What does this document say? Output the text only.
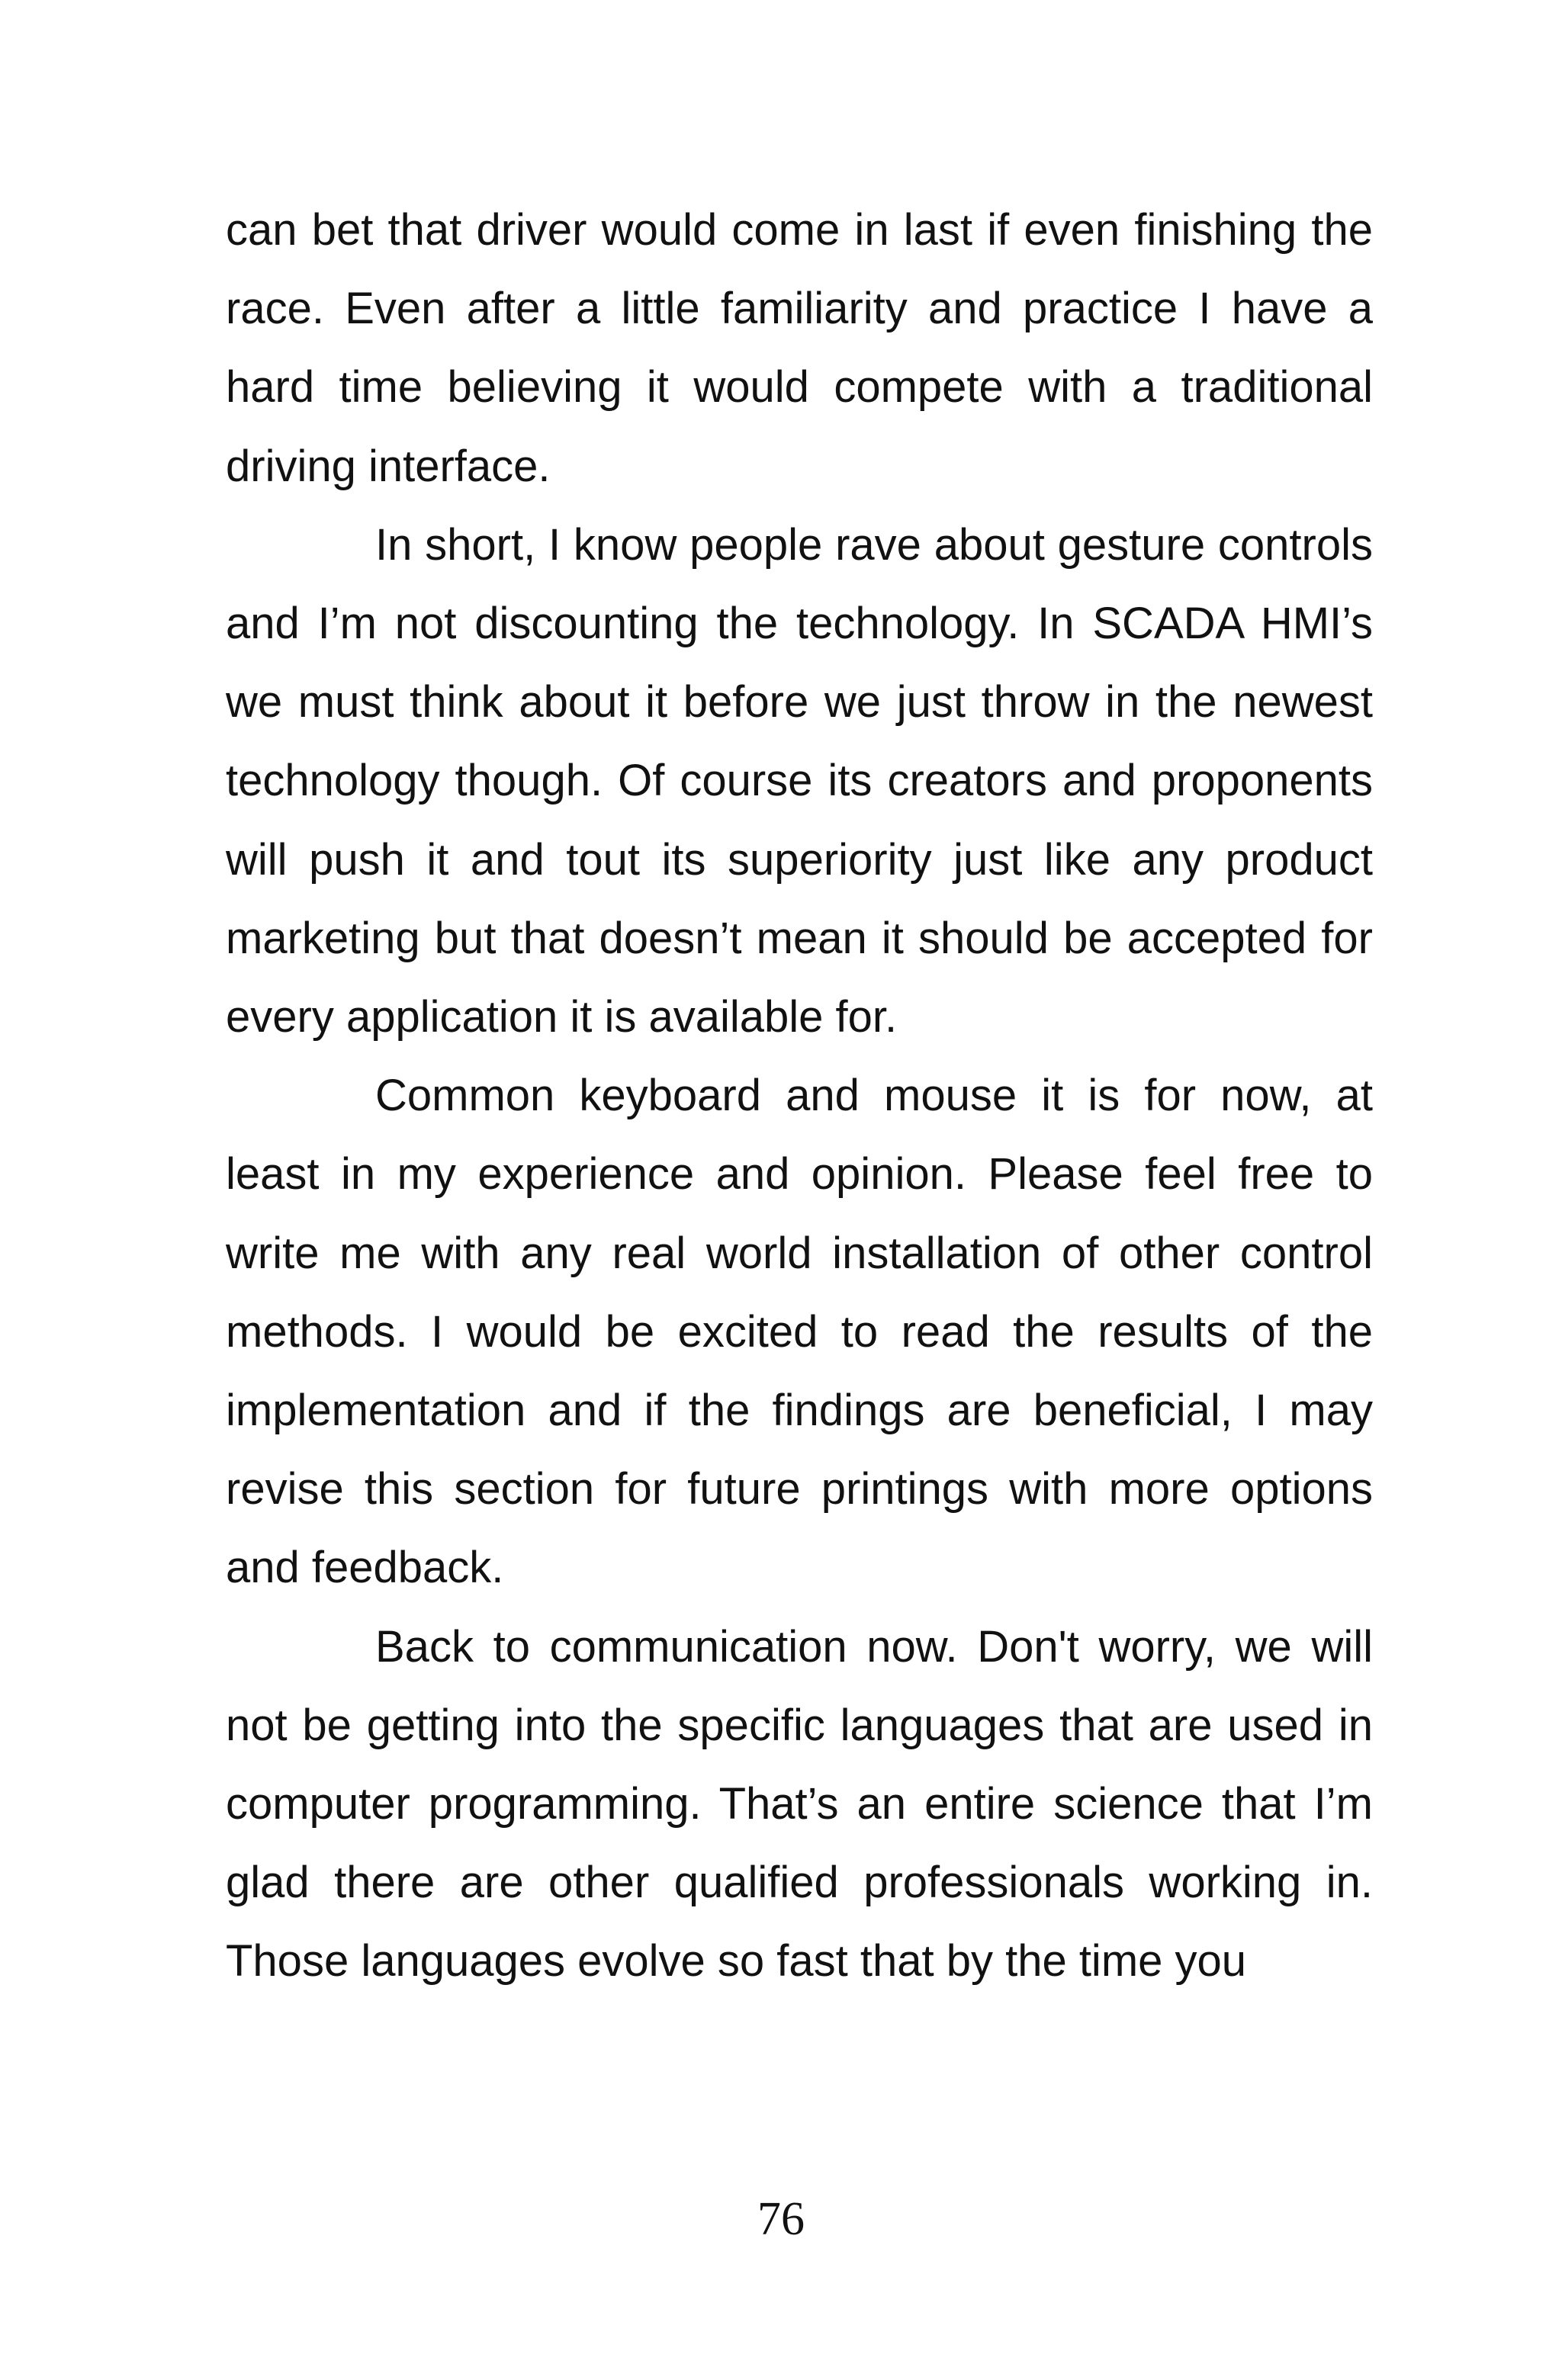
can bet that driver would come in last if even finishing the race. Even after a little familiarity and practice I have a hard time believing it would compete with a traditional driving interface.

In short, I know people rave about gesture controls and I’m not discounting the technology. In SCADA HMI’s we must think about it before we just throw in the newest technology though. Of course its creators and proponents will push it and tout its superiority just like any product marketing but that doesn’t mean it should be accepted for every application it is available for.

Common keyboard and mouse it is for now, at least in my experience and opinion. Please feel free to write me with any real world installation of other control methods. I would be excited to read the results of the implementation and if the findings are beneficial, I may revise this section for future printings with more options and feedback.

Back to communication now. Don't worry, we will not be getting into the specific languages that are used in computer programming. That’s an entire science that I’m glad there are other qualified professionals working in. Those languages evolve so fast that by the time you

76
